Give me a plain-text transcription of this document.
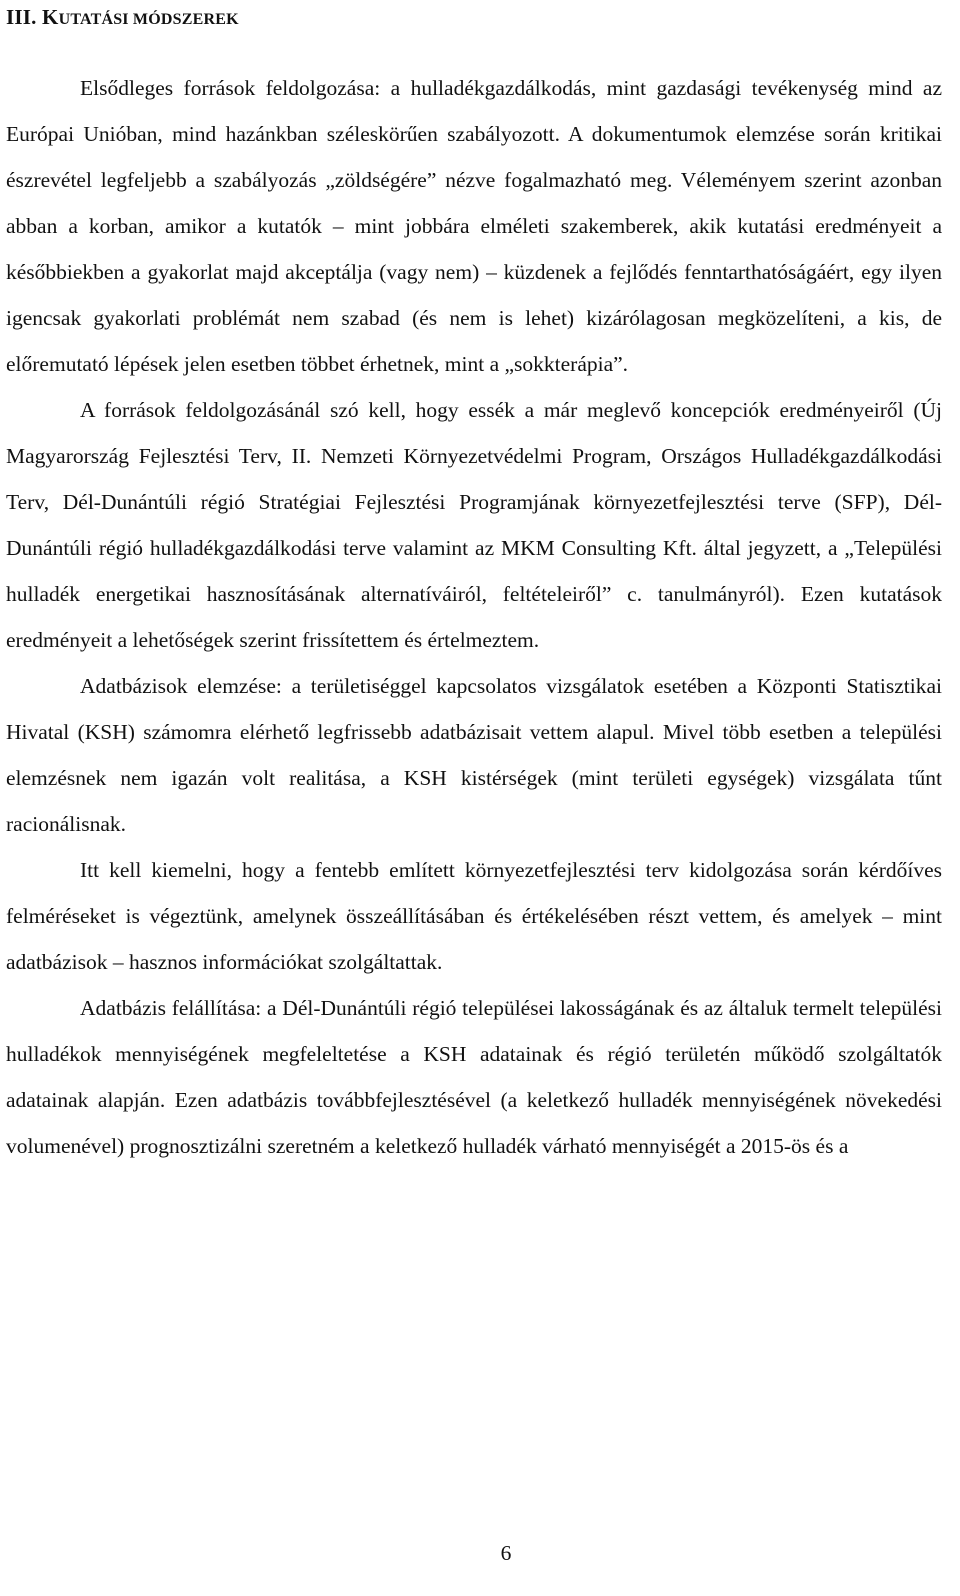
III. KUTATÁSI MÓDSZEREK

Elsődleges források feldolgozása: a hulladékgazdálkodás, mint gazdasági tevékenység mind az Európai Unióban, mind hazánkban széleskörűen szabályozott. A dokumentumok elemzése során kritikai észrevétel legfeljebb a szabályozás „zöldségére” nézve fogalmazható meg. Véleményem szerint azonban abban a korban, amikor a kutatók – mint jobbára elméleti szakemberek, akik kutatási eredményeit a későbbiekben a gyakorlat majd akceptálja (vagy nem) – küzdenek a fejlődés fenntarthatóságáért, egy ilyen igencsak gyakorlati problémát nem szabad (és nem is lehet) kizárólagosan megközelíteni, a kis, de előremutató lépések jelen esetben többet érhetnek, mint a „sokkterápia”.

A források feldolgozásánál szó kell, hogy essék a már meglevő koncepciók eredményeiről (Új Magyarország Fejlesztési Terv, II. Nemzeti Környezetvédelmi Program, Országos Hulladékgazdálkodási Terv, Dél-Dunántúli régió Stratégiai Fejlesztési Programjának környezetfejlesztési terve (SFP), Dél-Dunántúli régió hulladékgazdálkodási terve valamint az MKM Consulting Kft. által jegyzett, a „Települési hulladék energetikai hasznosításának alternatíváiról, feltételeiről” c. tanulmányról). Ezen kutatások eredményeit a lehetőségek szerint frissítettem és értelmeztem.

Adatbázisok elemzése: a területiséggel kapcsolatos vizsgálatok esetében a Központi Statisztikai Hivatal (KSH) számomra elérhető legfrissebb adatbázisait vettem alapul. Mivel több esetben a települési elemzésnek nem igazán volt realitása, a KSH kistérségek (mint területi egységek) vizsgálata tűnt racionálisnak.

Itt kell kiemelni, hogy a fentebb említett környezetfejlesztési terv kidolgozása során kérdőíves felméréseket is végeztünk, amelynek összeállításában és értékelésében részt vettem, és amelyek – mint adatbázisok – hasznos információkat szolgáltattak.

Adatbázis felállítása: a Dél-Dunántúli régió települései lakosságának és az általuk termelt települési hulladékok mennyiségének megfeleltetése a KSH adatainak és régió területén működő szolgáltatók adatainak alapján. Ezen adatbázis továbbfejlesztésével (a keletkező hulladék mennyiségének növekedési volumenével) prognosztizálni szeretném a keletkező hulladék várható mennyiségét a 2015-ös és a

6
